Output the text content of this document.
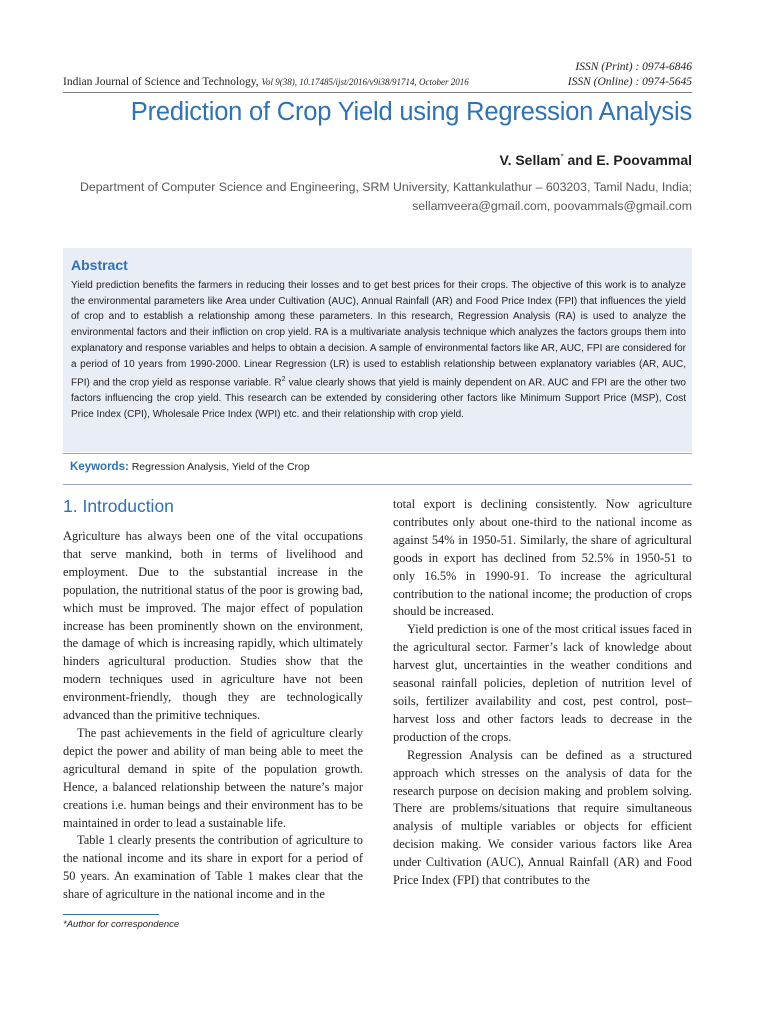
Indian Journal of Science and Technology, Vol 9(38), 10.17485/ijst/2016/v9i38/91714, October 2016
ISSN (Print) : 0974-6846
ISSN (Online) : 0974-5645
Prediction of Crop Yield using Regression Analysis
V. Sellam* and E. Poovammal
Department of Computer Science and Engineering, SRM University, Kattankulathur – 603203, Tamil Nadu, India;
sellamveera@gmail.com, poovammals@gmail.com
Abstract
Yield prediction benefits the farmers in reducing their losses and to get best prices for their crops. The objective of this work is to analyze the environmental parameters like Area under Cultivation (AUC), Annual Rainfall (AR) and Food Price Index (FPI) that influences the yield of crop and to establish a relationship among these parameters. In this research, Regression Analysis (RA) is used to analyze the environmental factors and their infliction on crop yield. RA is a multivariate analysis technique which analyzes the factors groups them into explanatory and response variables and helps to obtain a decision. A sample of environmental factors like AR, AUC, FPI are considered for a period of 10 years from 1990-2000. Linear Regression (LR) is used to establish relationship between explanatory variables (AR, AUC, FPI) and the crop yield as response variable. $R^2$ value clearly shows that yield is mainly dependent on AR. AUC and FPI are the other two factors influencing the crop yield. This research can be extended by considering other factors like Minimum Support Price (MSP), Cost Price Index (CPI), Wholesale Price Index (WPI) etc. and their relationship with crop yield.
Keywords: Regression Analysis, Yield of the Crop
1. Introduction

Agriculture has always been one of the vital occupations that serve mankind, both in terms of livelihood and employment. Due to the substantial increase in the population, the nutritional status of the poor is growing bad, which must be improved. The major effect of population increase has been prominently shown on the environment, the damage of which is increasing rapidly, which ultimately hinders agricultural production. Studies show that the modern techniques used in agriculture have not been environment-friendly, though they are technologically advanced than the primitive techniques.

The past achievements in the field of agriculture clearly depict the power and ability of man being able to meet the agricultural demand in spite of the population growth. Hence, a balanced relationship between the nature’s major creations i.e. human beings and their environment has to be maintained in order to lead a sustainable life.

Table 1 clearly presents the contribution of agriculture to the national income and its share in export for a period of 50 years. An examination of Table 1 makes clear that the share of agriculture in the national income and in the

total export is declining consistently. Now agriculture contributes only about one-third to the national income as against 54% in 1950-51. Similarly, the share of agricultural goods in export has declined from 52.5% in 1950-51 to only 16.5% in 1990-91. To increase the agricultural contribution to the national income; the production of crops should be increased.

Yield prediction is one of the most critical issues faced in the agricultural sector. Farmer’s lack of knowledge about harvest glut, uncertainties in the weather conditions and seasonal rainfall policies, depletion of nutrition level of soils, fertilizer availability and cost, pest control, post–harvest loss and other factors leads to decrease in the production of the crops.

Regression Analysis can be defined as a structured approach which stresses on the analysis of data for the research purpose on decision making and problem solving. There are problems/situations that require simultaneous analysis of multiple variables or objects for efficient decision making. We consider various factors like Area under Cultivation (AUC), Annual Rainfall (AR) and Food Price Index (FPI) that contributes to the

*Author for correspondence
